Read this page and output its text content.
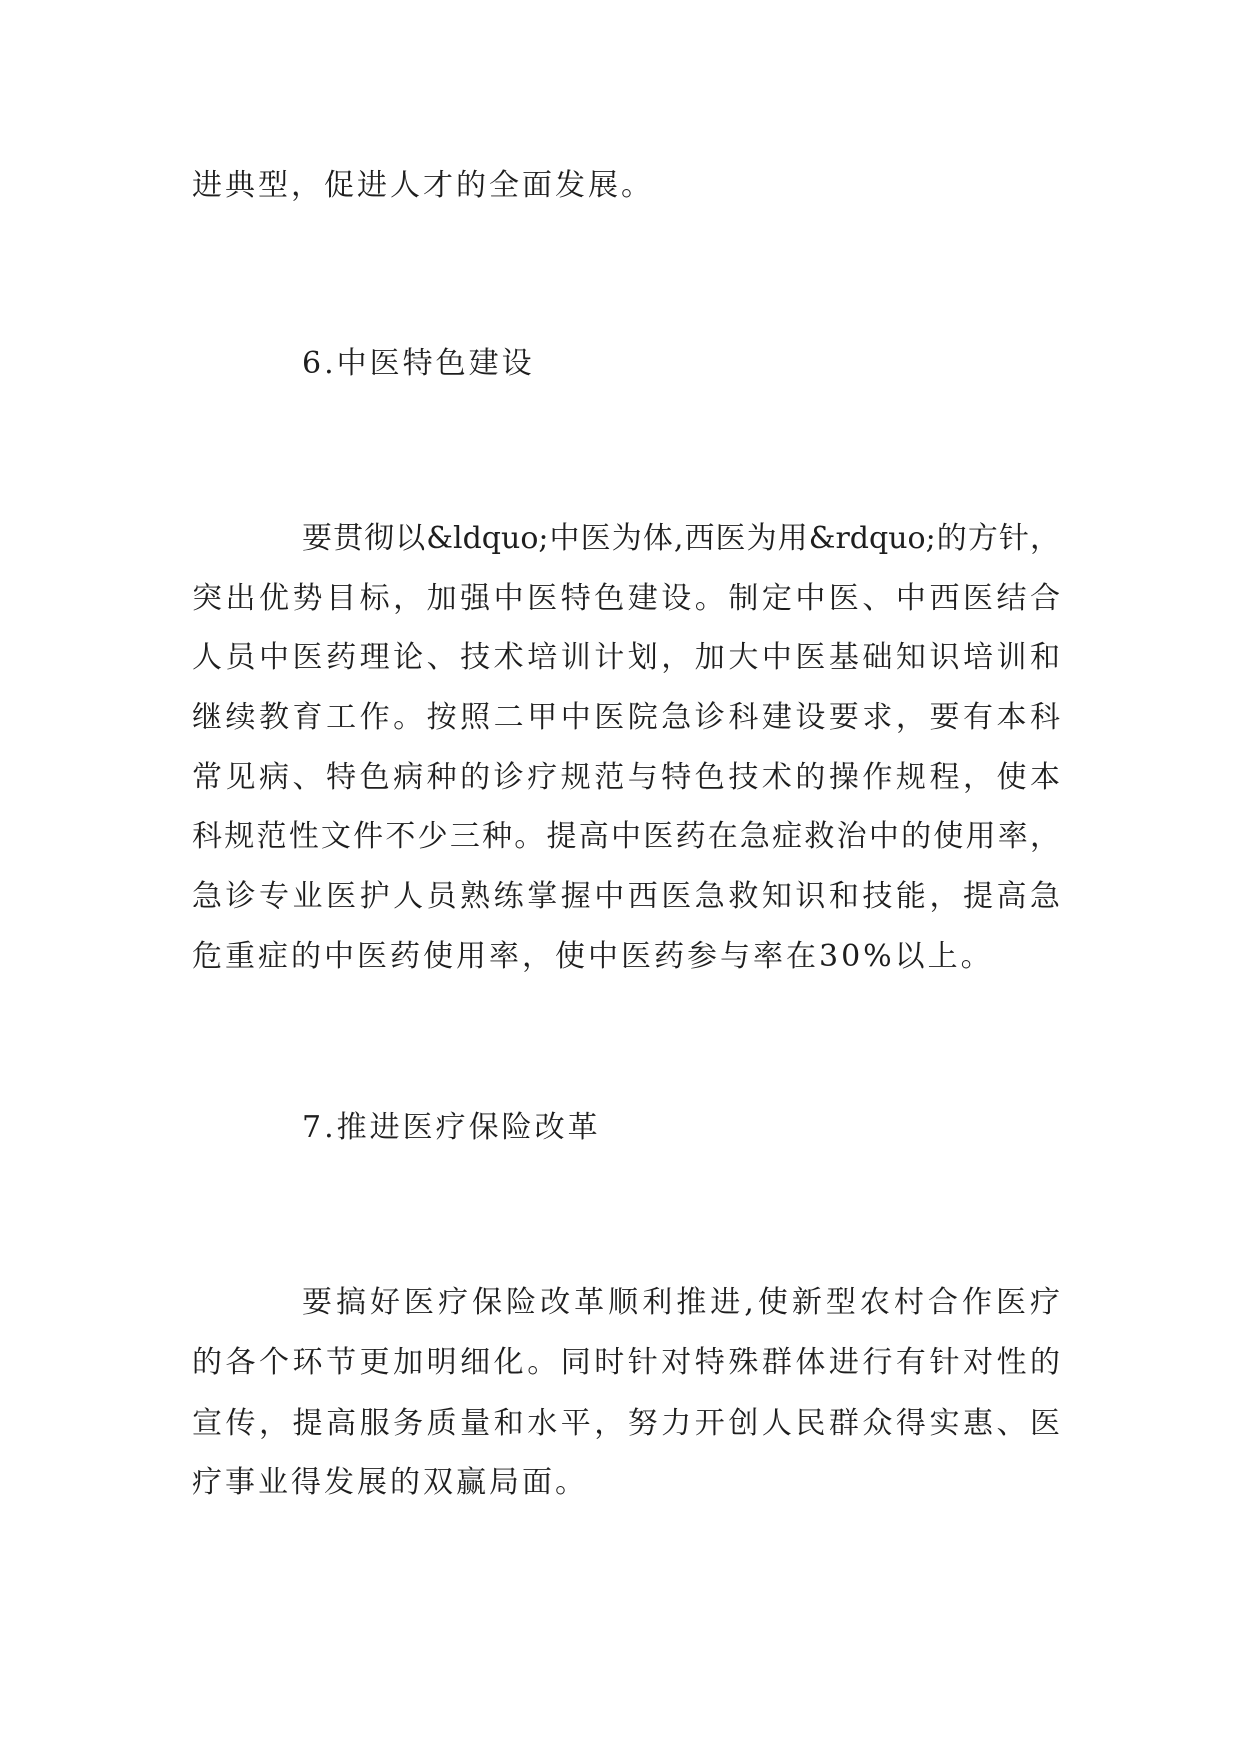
进典型，促进人才的全面发展。
6.中医特色建设
要贯彻以&ldquo;中医为体,西医为用&rdquo;的方针，
突出优势目标，加强中医特色建设。制定中医、中西医结合
人员中医药理论、技术培训计划，加大中医基础知识培训和
继续教育工作。按照二甲中医院急诊科建设要求，要有本科
常见病、特色病种的诊疗规范与特色技术的操作规程，使本
科规范性文件不少三种。提高中医药在急症救治中的使用率，
急诊专业医护人员熟练掌握中西医急救知识和技能，提高急
危重症的中医药使用率，使中医药参与率在30%以上。
7.推进医疗保险改革
要搞好医疗保险改革顺利推进,使新型农村合作医疗
的各个环节更加明细化。同时针对特殊群体进行有针对性的
宣传，提高服务质量和水平，努力开创人民群众得实惠、医
疗事业得发展的双赢局面。
